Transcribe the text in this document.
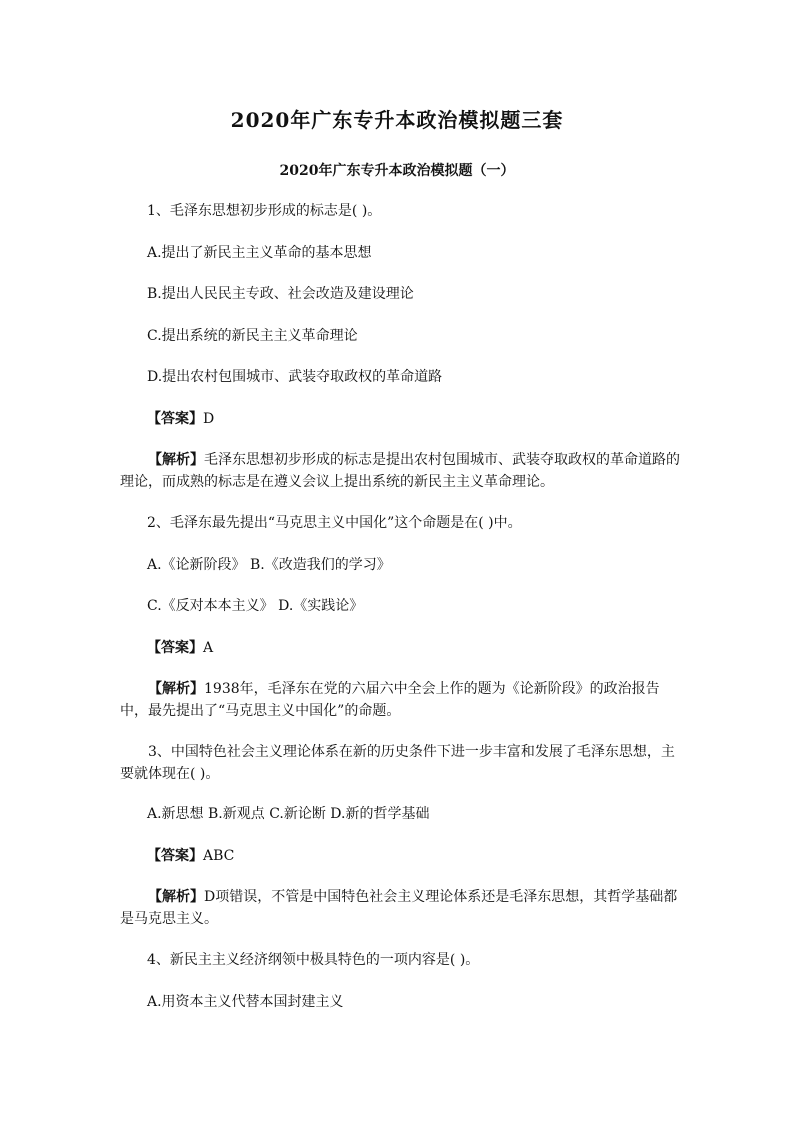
2020年广东专升本政治模拟题三套
2020年广东专升本政治模拟题（一）
1、毛泽东思想初步形成的标志是( )。
A.提出了新民主主义革命的基本思想
B.提出人民民主专政、社会改造及建设理论
C.提出系统的新民主主义革命理论
D.提出农村包围城市、武装夺取政权的革命道路
【答案】D
【解析】毛泽东思想初步形成的标志是提出农村包围城市、武装夺取政权的革命道路的理论，而成熟的标志是在遵义会议上提出系统的新民主主义革命理论。
2、毛泽东最先提出“马克思主义中国化”这个命题是在( )中。
A.《论新阶段》 B.《改造我们的学习》
C.《反对本本主义》 D.《实践论》
【答案】A
【解析】1938年，毛泽东在党的六届六中全会上作的题为《论新阶段》的政治报告中，最先提出了“马克思主义中国化”的命题。
3、中国特色社会主义理论体系在新的历史条件下进一步丰富和发展了毛泽东思想，主要就体现在( )。
A.新思想 B.新观点 C.新论断 D.新的哲学基础
【答案】ABC
【解析】D项错误，不管是中国特色社会主义理论体系还是毛泽东思想，其哲学基础都是马克思主义。
4、新民主主义经济纲领中极具特色的一项内容是( )。
A.用资本主义代替本国封建主义
